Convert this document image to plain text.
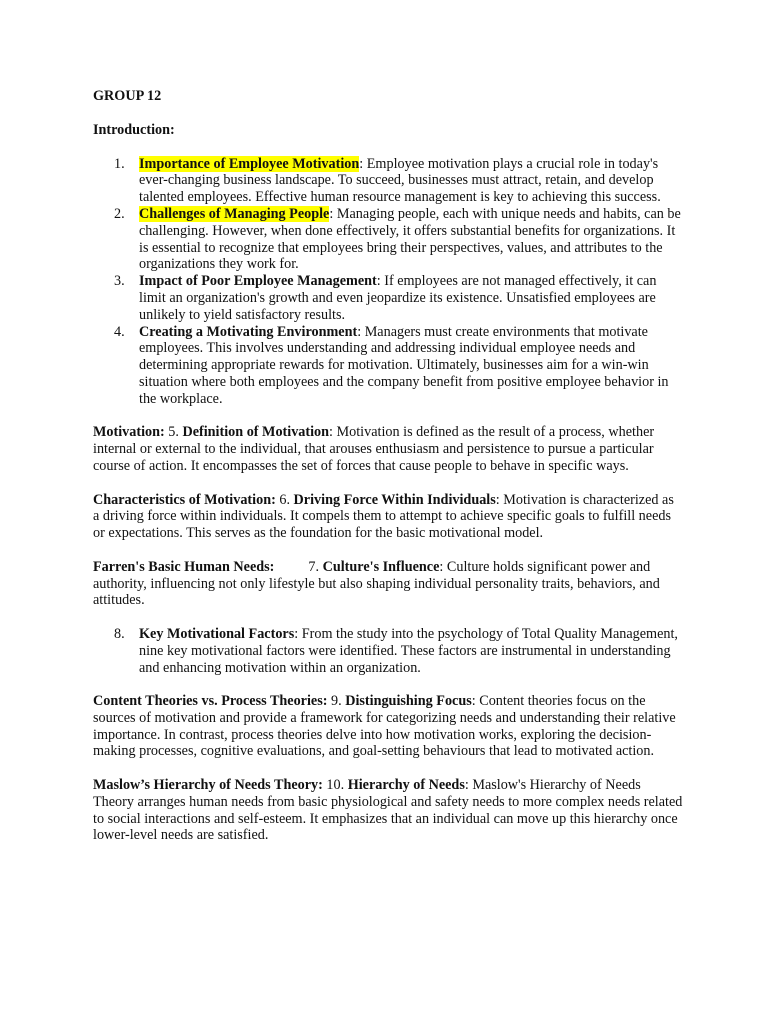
GROUP 12

Introduction:

1. Importance of Employee Motivation: Employee motivation plays a crucial role in today's ever-changing business landscape. To succeed, businesses must attract, retain, and develop talented employees. Effective human resource management is key to achieving this success.
2. Challenges of Managing People: Managing people, each with unique needs and habits, can be challenging. However, when done effectively, it offers substantial benefits for organizations. It is essential to recognize that employees bring their perspectives, values, and attributes to the organizations they work for.
3. Impact of Poor Employee Management: If employees are not managed effectively, it can limit an organization's growth and even jeopardize its existence. Unsatisfied employees are unlikely to yield satisfactory results.
4. Creating a Motivating Environment: Managers must create environments that motivate employees. This involves understanding and addressing individual employee needs and determining appropriate rewards for motivation. Ultimately, businesses aim for a win-win situation where both employees and the company benefit from positive employee behavior in the workplace.

Motivation: 5. Definition of Motivation: Motivation is defined as the result of a process, whether internal or external to the individual, that arouses enthusiasm and persistence to pursue a particular course of action. It encompasses the set of forces that cause people to behave in specific ways.

Characteristics of Motivation: 6. Driving Force Within Individuals: Motivation is characterized as a driving force within individuals. It compels them to attempt to achieve specific goals to fulfill needs or expectations. This serves as the foundation for the basic motivational model.

Farren's Basic Human Needs: 7. Culture's Influence: Culture holds significant power and authority, influencing not only lifestyle but also shaping individual personality traits, behaviors, and attitudes.

8. Key Motivational Factors: From the study into the psychology of Total Quality Management, nine key motivational factors were identified. These factors are instrumental in understanding and enhancing motivation within an organization.

Content Theories vs. Process Theories: 9. Distinguishing Focus: Content theories focus on the sources of motivation and provide a framework for categorizing needs and understanding their relative importance. In contrast, process theories delve into how motivation works, exploring the decision-making processes, cognitive evaluations, and goal-setting behaviours that lead to motivated action.

Maslow’s Hierarchy of Needs Theory: 10. Hierarchy of Needs: Maslow's Hierarchy of Needs Theory arranges human needs from basic physiological and safety needs to more complex needs related to social interactions and self-esteem. It emphasizes that an individual can move up this hierarchy once lower-level needs are satisfied.
